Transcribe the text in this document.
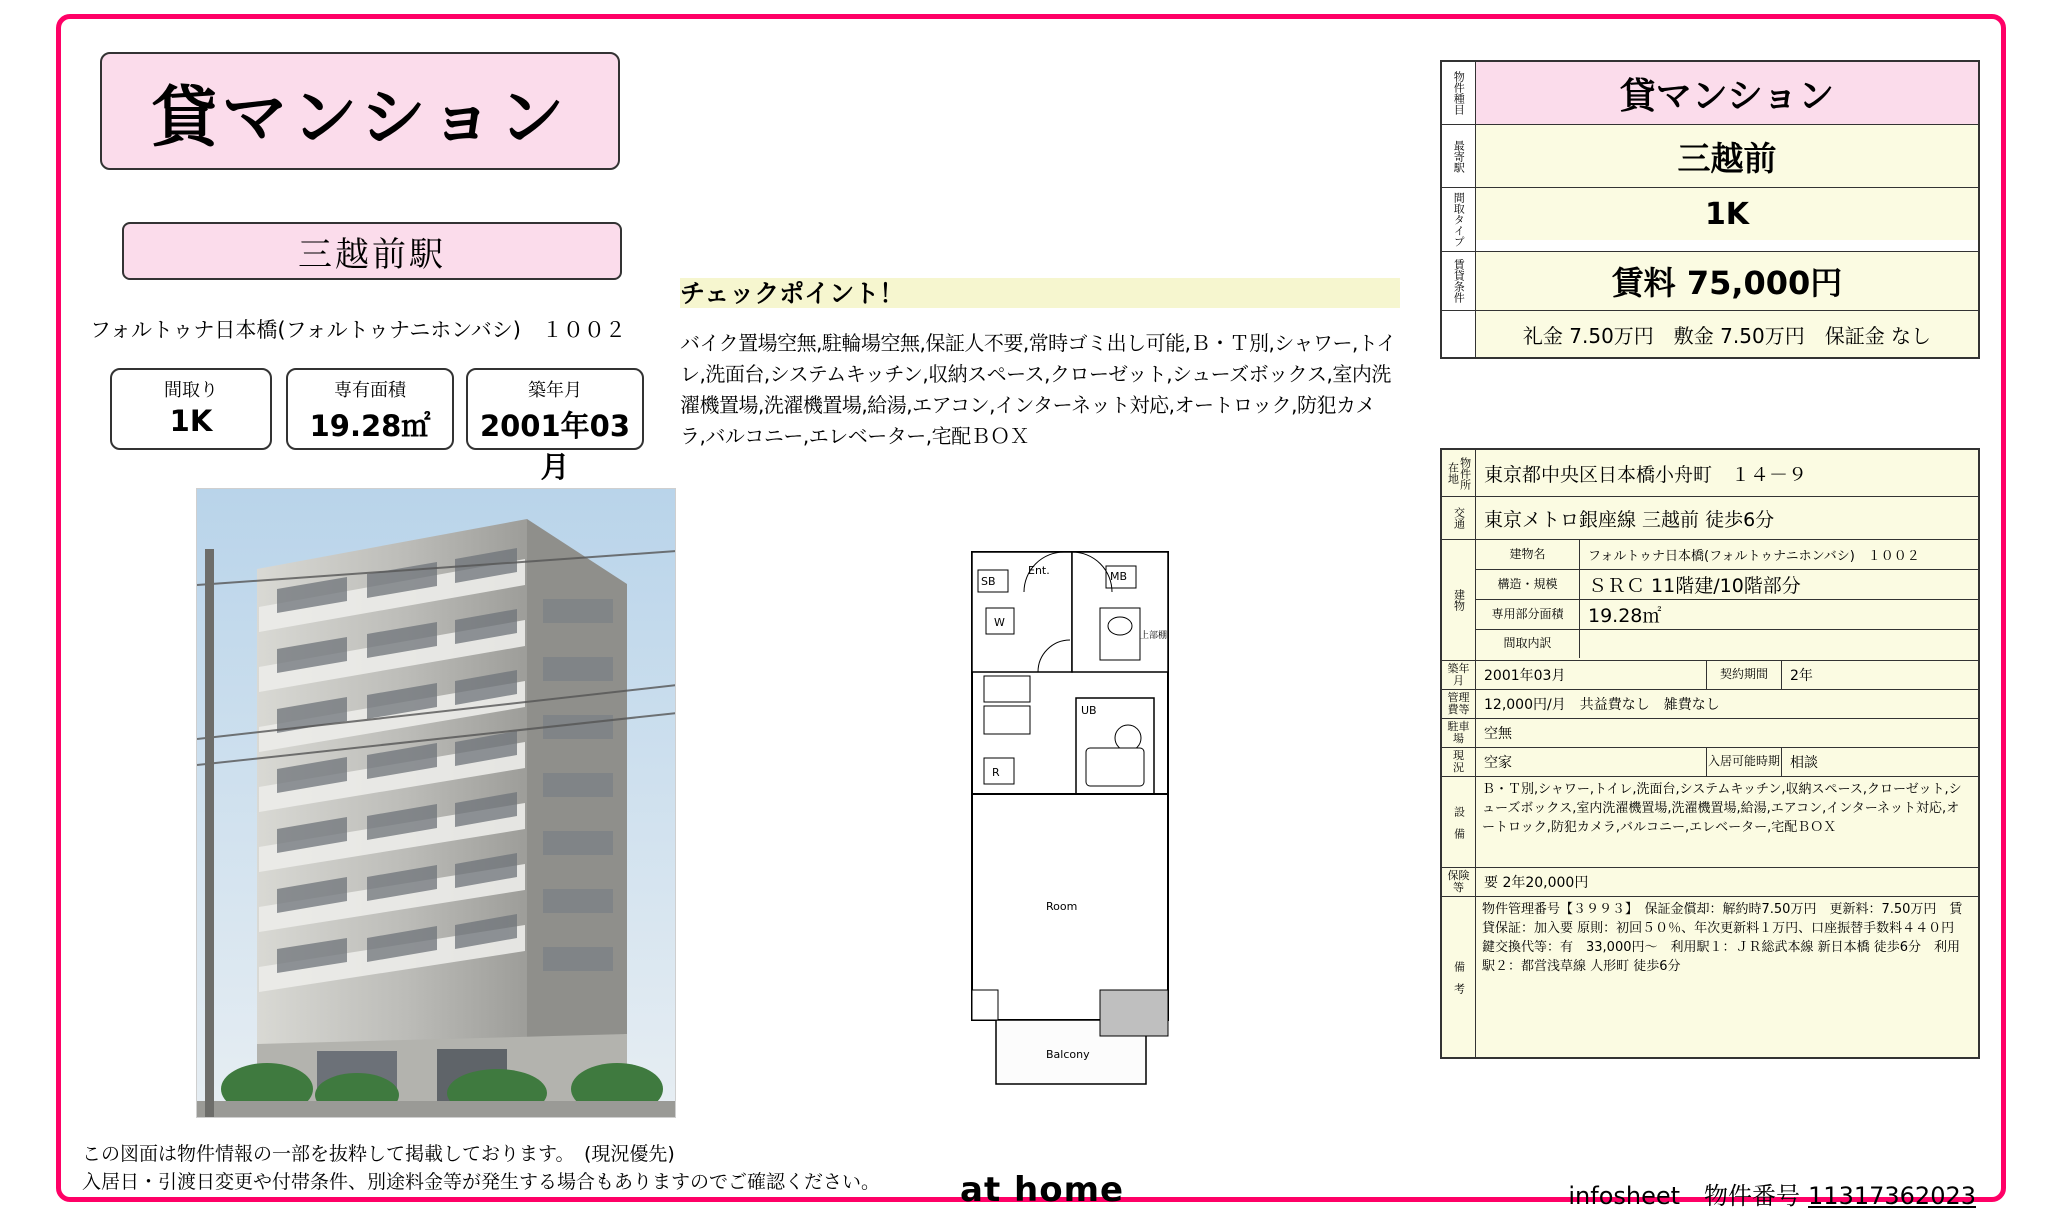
貸マンション
三越前駅
フォルトゥナ日本橋(フォルトゥナニホンバシ)　１００２
間取り
1K
専有面積
19.28㎡
築年月
2001年03月
チェックポイント！
バイク置場空無,駐輪場空無,保証人不要,常時ゴミ出し可能,Ｂ・Ｔ別,シャワー,トイレ,洗面台,システムキッチン,収納スペース,クローゼット,シューズボックス,室内洗濯機置場,洗濯機置場,給湯,エアコン,インターネット対応,オートロック,防犯カメラ,バルコニー,エレベーター,宅配ＢＯＸ
SB
Ent.	MB
W
上部棚
UB
R
Room
Balcony
物件種目	貸マンション
最寄駅	三越前
間取タイプ	1K
賃貸条件	賃料 75,000円
礼金 7.50万円　敷金 7.50万円　保証金 なし
物件所在地	東京都中央区日本橋小舟町　１４－９
交通 東京メトロ銀座線 三越前 徒歩6分
建物
建物名	フォルトゥナ日本橋(フォルトゥナニホンバシ)　１００２
構造・規模	ＳＲＣ 11階建/10階部分
専用部分面積	19.28㎡
間取内訳
築年月	2001年03月	契約期間	2年
管理費等	12,000円/月　共益費なし　雑費なし
駐車場	空無
現　況	空家	入居可能時期 相談
設　備
Ｂ・Ｔ別,シャワー,トイレ,洗面台,システムキッチン,収納スペース,クローゼット,シューズボックス,室内洗濯機置場,洗濯機置場,給湯,エアコン,インターネット対応,オートロック,防犯カメラ,バルコニー,エレベーター,宅配ＢＯＸ
保険等	要 2年20,000円
備　考
物件管理番号【３９９３】　保証金償却：解約時7.50万円　更新料：7.50万円　賃貸保証：加入要 原則：初回５０％、年次更新料１万円、口座振替手数料４４０円　鍵交換代等：有　33,000円～　利用駅１：ＪＲ総武本線 新日本橋 徒歩6分　利用駅２：都営浅草線 人形町 徒歩6分
この図面は物件情報の一部を抜粋して掲載しております。　(現況優先)
入居日・引渡日変更や付帯条件、別途料金等が発生する場合もありますのでご確認ください。 at home	infosheet　物件番号 11317362023
